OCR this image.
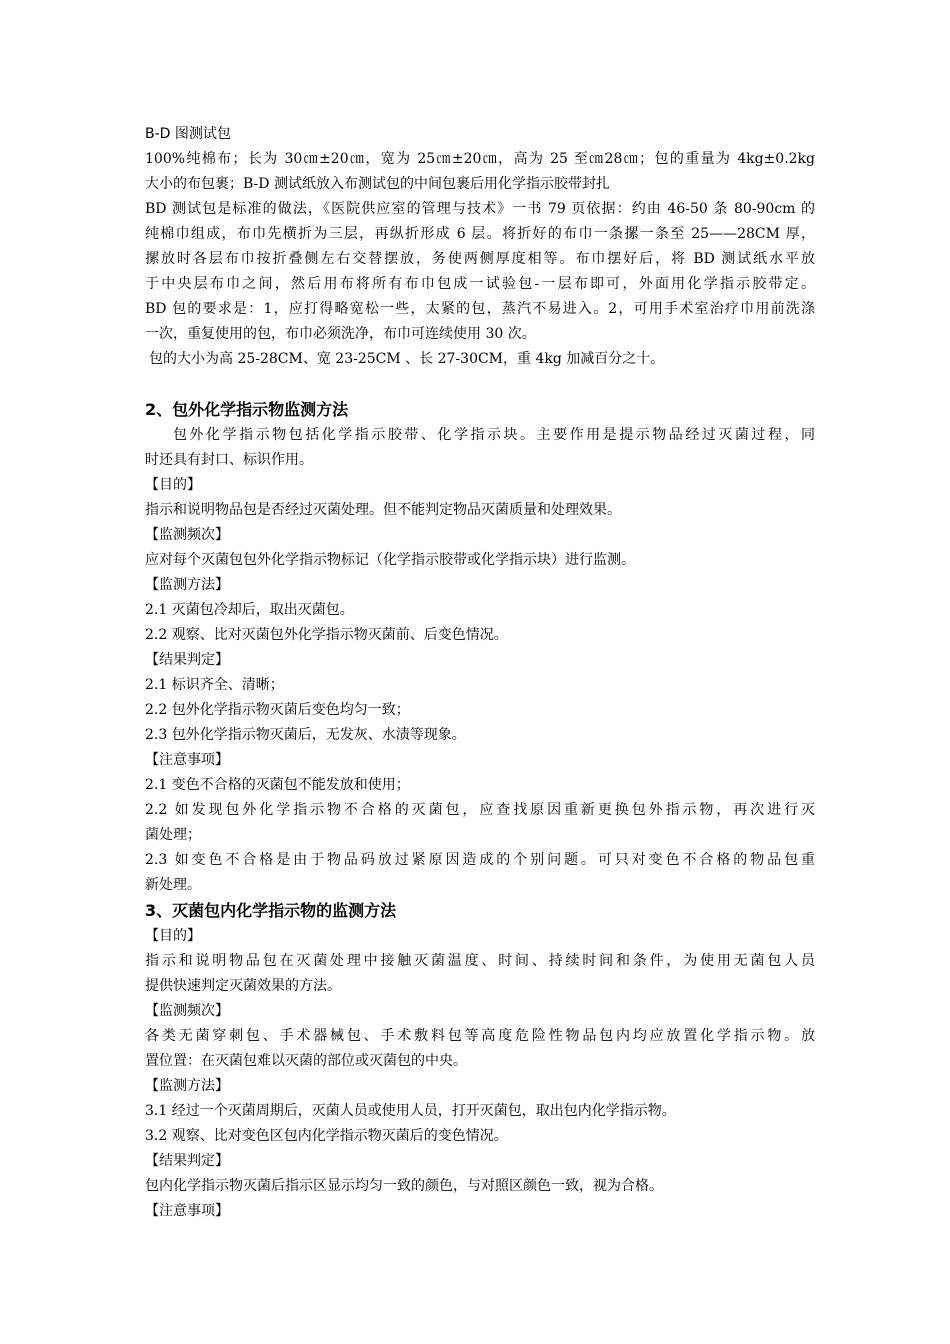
B-D 图测试包
100%纯棉布；长为 30㎝±20㎝，宽为 25㎝±20㎝，高为 25 至㎝28㎝；包的重量为 4kg±0.2kg
大小的布包裹；B-D 测试纸放入布测试包的中间包裹后用化学指示胶带封扎
BD 测试包是标准的做法，《医院供应室的管理与技术》一书 79 页依据：约由 46-50 条 80-90cm 的
纯棉巾组成，布巾先横折为三层，再纵折形成 6 层。将折好的布巾一条摞一条至 25——28CM 厚，
摞放时各层布巾按折叠侧左右交替摆放，务使两侧厚度相等。布巾摆好后，将 BD 测试纸水平放
于中央层布巾之间，然后用布将所有布巾包成一试验包-一层布即可，外面用化学指示胶带定。
BD 包的要求是：1，应打得略宽松一些，太紧的包，蒸汽不易进入。2，可用手术室治疗巾用前洗涤
一次，重复使用的包，布巾必须洗净，布巾可连续使用 30 次。
包的大小为高 25-28CM、宽 23-25CM 、长 27-30CM，重 4kg 加减百分之十。
2、包外化学指示物监测方法
包外化学指示物包括化学指示胶带、化学指示块。主要作用是提示物品经过灭菌过程，同
时还具有封口、标识作用。
【目的】
指示和说明物品包是否经过灭菌处理。但不能判定物品灭菌质量和处理效果。
【监测频次】
应对每个灭菌包包外化学指示物标记（化学指示胶带或化学指示块）进行监测。
【监测方法】
2.1 灭菌包冷却后，取出灭菌包。
2.2 观察、比对灭菌包外化学指示物灭菌前、后变色情况。
【结果判定】
2.1 标识齐全、清晰；
2.2 包外化学指示物灭菌后变色均匀一致；
2.3 包外化学指示物灭菌后，无发灰、水渍等现象。
【注意事项】
2.1 变色不合格的灭菌包不能发放和使用；
2.2 如发现包外化学指示物不合格的灭菌包，应查找原因重新更换包外指示物，再次进行灭
菌处理；
2.3 如变色不合格是由于物品码放过紧原因造成的个别问题。可只对变色不合格的物品包重
新处理。
3、灭菌包内化学指示物的监测方法
【目的】
指示和说明物品包在灭菌处理中接触灭菌温度、时间、持续时间和条件，为使用无菌包人员
提供快速判定灭菌效果的方法。
【监测频次】
各类无菌穿刺包、手术器械包、手术敷料包等高度危险性物品包内均应放置化学指示物。放
置位置：在灭菌包难以灭菌的部位或灭菌包的中央。
【监测方法】
3.1 经过一个灭菌周期后，灭菌人员或使用人员，打开灭菌包，取出包内化学指示物。
3.2 观察、比对变色区包内化学指示物灭菌后的变色情况。
【结果判定】
包内化学指示物灭菌后指示区显示均匀一致的颜色，与对照区颜色一致，视为合格。
【注意事项】
